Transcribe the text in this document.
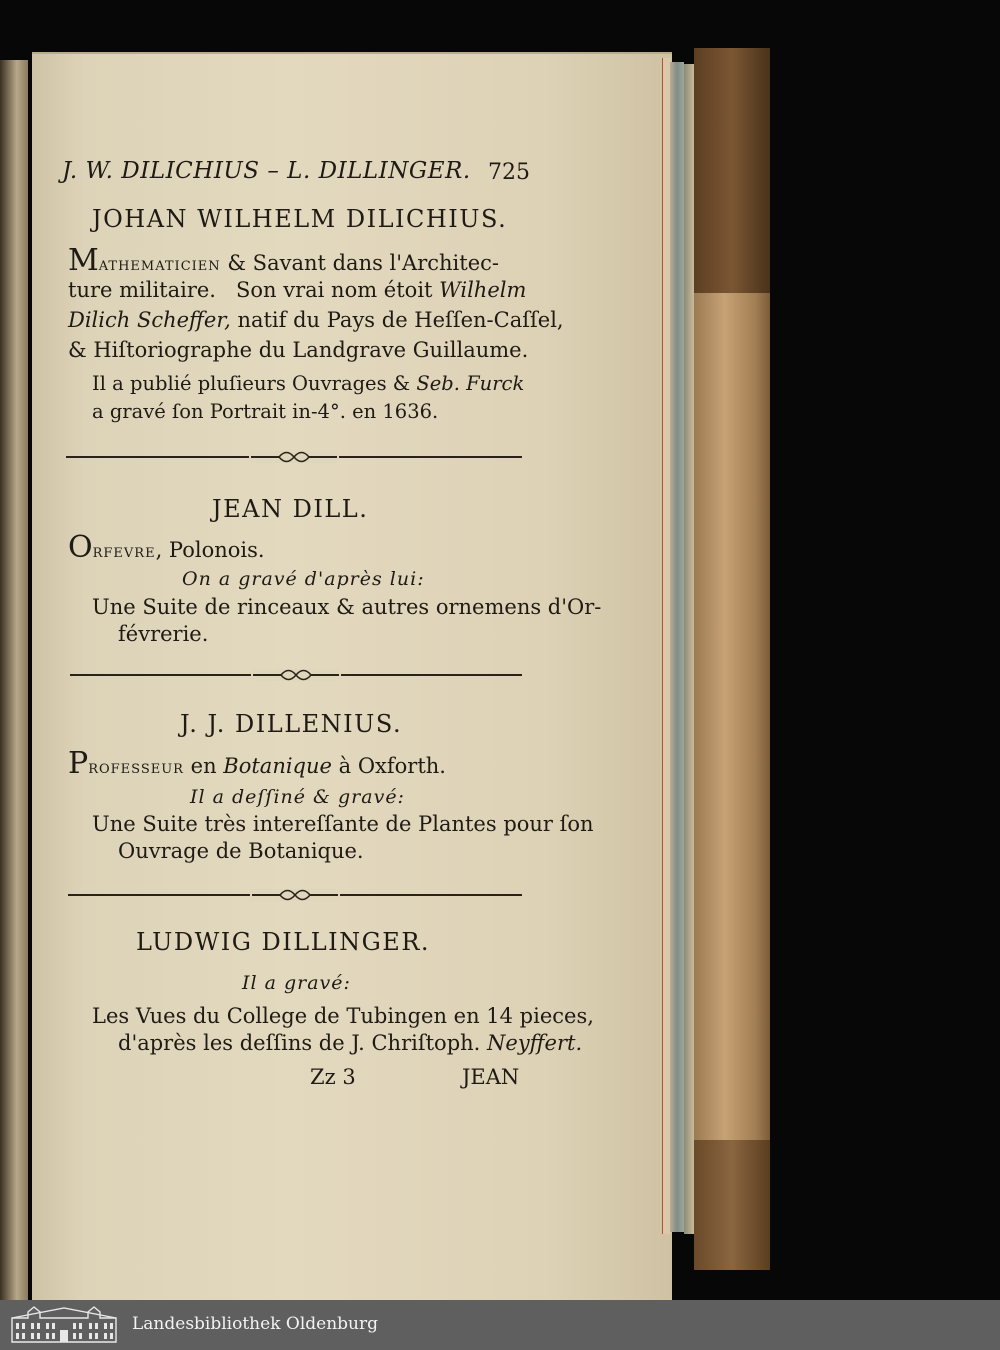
J. W. DILICHIUS – L. DILLINGER. 725
JOHAN WILHELM DILICHIUS.
Mathematicien & Savant dans l'Architec-
ture militaire.   Son vrai nom étoit Wilhelm
Dilich Scheffer, natif du Pays de Heſſen-Caſſel,
& Hiſtoriographe du Landgrave Guillaume.
Il a publié pluſieurs Ouvrages & Seb. Furck
a gravé ſon Portrait in-4°. en 1636.
JEAN DILL.
Orfevre, Polonois.
On a gravé d'après lui:
Une Suite de rinceaux & autres ornemens d'Or-
févrerie.
J. J. DILLENIUS.
Professeur en Botanique à Oxforth.
Il a deſſiné & gravé:
Une Suite très intereſſante de Plantes pour ſon
Ouvrage de Botanique.
LUDWIG DILLINGER.
Il a gravé:
Les Vues du College de Tubingen en 14 pieces,
d'après les deſſins de J. Chriſtoph. Neyffert.
Zz 3	JEAN
Landesbibliothek Oldenburg
